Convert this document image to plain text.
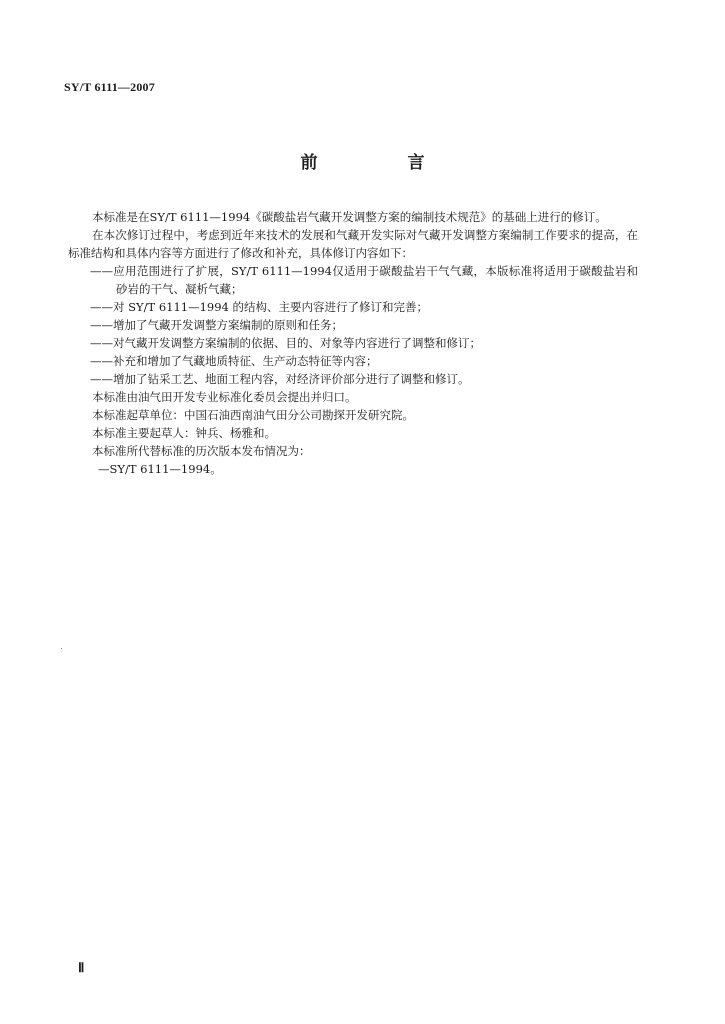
SY/T 6111—2007
前 言

本标准是在SY/T 6111—1994《碳酸盐岩气藏开发调整方案的编制技术规范》的基础上进行的修订。

在本次修订过程中，考虑到近年来技术的发展和气藏开发实际对气藏开发调整方案编制工作要求的提高，在标准结构和具体内容等方面进行了修改和补充，具体修订内容如下：

——应用范围进行了扩展，SY/T 6111—1994仅适用于碳酸盐岩干气气藏，本版标准将适用于碳酸盐岩和砂岩的干气、凝析气藏；

——对 SY/T 6111—1994 的结构、主要内容进行了修订和完善；

——增加了气藏开发调整方案编制的原则和任务；

——对气藏开发调整方案编制的依据、目的、对象等内容进行了调整和修订；

——补充和增加了气藏地质特征、生产动态特征等内容；

——增加了钻采工艺、地面工程内容，对经济评价部分进行了调整和修订。

本标准由油气田开发专业标准化委员会提出并归口。

本标准起草单位：中国石油西南油气田分公司勘探开发研究院。

本标准主要起草人：钟兵、杨雅和。

本标准所代替标准的历次版本发布情况为：

—SY/T 6111—1994。

Ⅱ
